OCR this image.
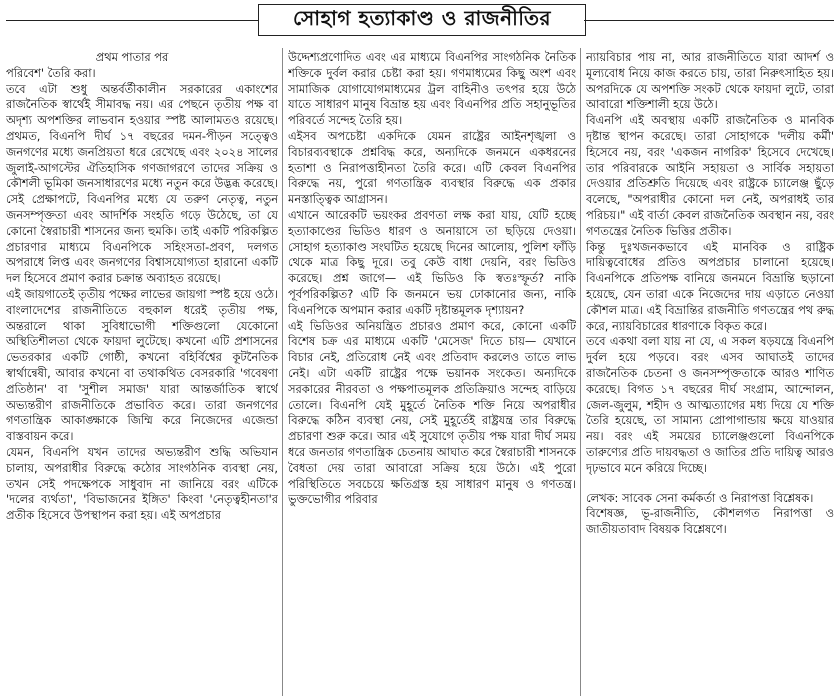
সোহাগ হত্যাকাণ্ড ও রাজনীতির

প্রথম পাতার পর

পরিবেশ' তৈরি করা।

তবে এটা শুধু অন্তর্বর্তীকালীন সরকারের একাংশের রাজনৈতিক স্বার্থেই সীমাবদ্ধ নয়। এর পেছনে তৃতীয় পক্ষ বা অদৃশ্য অপশক্তির লাভবান হওয়ার স্পষ্ট আলামতও রয়েছে। প্রথমত, বিএনপি দীর্ঘ ১৭ বছরের দমন-পীড়ন সত্ত্বেও জনগণের মধ্যে জনপ্রিয়তা ধরে রেখেছে এবং ২০২৪ সালের জুলাই-আগস্টের ঐতিহাসিক গণজাগরণে তাদের সক্রিয় ও কৌশলী ভূমিকা জনসাধারণের মধ্যে নতুন করে উদ্ভব্ধ করেছে। সেই প্রেক্ষাপটে, বিএনপির মধ্যে যে তরুণ নেতৃত্ব, নতুন জনসম্পৃক্ততা এবং আদর্শিক সংহতি গড়ে উঠেছে, তা যে কোনো স্বৈরাচারী শাসনের জন্য হুমকি। তাই একটি পরিকল্পিত প্রচারণার মাধ্যমে বিএনপিকে সহিংসতা-প্রবণ, দলগত অপরাধে লিপ্ত এবং জনগণের বিশ্বাসযোগ্যতা হারানো একটি দল হিসেবে প্রমাণ করার চক্রান্ত অব্যাহত রয়েছে।

এই জায়গাতেই তৃতীয় পক্ষের লাভের জায়গা স্পষ্ট হয়ে ওঠে। বাংলাদেশের রাজনীতিতে বহুকাল ধরেই তৃতীয় পক্ষ, অন্তরালে থাকা সুবিধাভোগী শক্তিগুলো যেকোনো অস্থিতিশীলতা থেকে ফায়দা লুটেছে। কখনো এটি প্রশাসনের ভেতরকার একটি গোষ্ঠী, কখনো বহির্বিশ্বের কূটনৈতিক স্বার্থান্বেষী, আবার কখনো বা তথাকথিত বেসরকারি 'গবেষণা প্রতিষ্ঠান' বা 'সুশীল সমাজ' যারা আন্তর্জাতিক স্বার্থে অভ্যন্তরীণ রাজনীতিকে প্রভাবিত করে। তারা জনগণের গণতান্ত্রিক আকাঙ্ক্ষাকে জিম্মি করে নিজেদের এজেন্ডা বাস্তবায়ন করে।

যেমন, বিএনপি যখন তাদের অভ্যন্তরীণ শুদ্ধি অভিযান চালায়, অপরাধীর বিরুদ্ধে কঠোর সাংগঠনিক ব্যবস্থা নেয়, তখন সেই পদক্ষেপকে সাধুবাদ না জানিয়ে বরং এটিকে 'দলের ব্যর্থতা', 'বিভাজনের ইঙ্গিত' কিংবা 'নেতৃত্বহীনতা'র প্রতীক হিসেবে উপস্থাপন করা হয়। এই অপপ্রচার

উদ্দেশ্যপ্রণোদিত এবং এর মাধ্যমে বিএনপির সাংগঠনিক নৈতিক শক্তিকে দুর্বল করার চেষ্টা করা হয়। গণমাধ্যমের কিছু অংশ এবং সামাজিক যোগাযোগমাধ্যমের ট্রল বাহিনীও তৎপর হয়ে উঠে যাতে সাধারণ মানুষ বিভ্রান্ত হয় এবং বিএনপির প্রতি সহানুভূতির পরিবর্তে সন্দেহ তৈরি হয়।

এইসব অপচেষ্টা একদিকে যেমন রাষ্ট্রের আইনশৃঙ্খলা ও বিচারব্যবস্থাকে প্রশ্নবিদ্ধ করে, অন্যদিকে জনমনে একধরনের হতাশা ও নিরাপত্তাহীনতা তৈরি করে। এটি কেবল বিএনপির বিরুদ্ধে নয়, পুরো গণতান্ত্রিক ব্যবস্থার বিরুদ্ধে এক প্রকার মনস্তাত্ত্বিক আগ্রাসন।

এখানে আরেকটি ভয়ংকর প্রবণতা লক্ষ করা যায়, যেটি হচ্ছে হত্যাকাণ্ডের ভিডিও ধারণ ও অনায়াসে তা ছড়িয়ে দেওয়া। সোহাগ হত্যাকাণ্ড সংঘটিত হয়েছে দিনের আলোয়, পুলিশ ফাঁড়ি থেকে মাত্র কিছু দূরে। তবু কেউ বাধা দেয়নি, বরং ভিডিও করেছে। প্রশ্ন জাগে— এই ভিডিও কি স্বতঃস্ফূর্ত? নাকি পূর্বপরিকল্পিত? এটি কি জনমনে ভয় ঢোকানোর জন্য, নাকি বিএনপিকে অপমান করার একটি দৃষ্টান্তমূলক দৃশ্যায়ন?

এই ভিডিওর অনিয়ন্ত্রিত প্রচারও প্রমাণ করে, কোনো একটি বিশেষ চক্র এর মাধ্যমে একটি 'মেসেজ' দিতে চায়— যেখানে বিচার নেই, প্রতিরোধ নেই এবং প্রতিবাদ করলেও তাতে লাভ নেই। এটা একটি রাষ্ট্রের পক্ষে ভয়ানক সংকেত। অন্যদিকে সরকারের নীরবতা ও পক্ষপাতমূলক প্রতিক্রিয়াও সন্দেহ বাড়িয়ে তোলে। বিএনপি যেই মুহূর্তে নৈতিক শক্তি নিয়ে অপরাধীর বিরুদ্ধে কঠিন ব্যবস্থা নেয়, সেই মুহূর্তেই রাষ্ট্রযন্ত্র তার বিরুদ্ধে প্রচারণা শুরু করে। আর এই সুযোগে তৃতীয় পক্ষ যারা দীর্ঘ সময় ধরে জনতার গণতান্ত্রিক চেতনায় আঘাত করে স্বৈরাচারী শাসনকে বৈধতা দেয় তারা আবারো সক্রিয় হয়ে উঠে। এই পুরো পরিস্থিতিতে সবচেয়ে ক্ষতিগ্রস্ত হয় সাধারণ মানুষ ও গণতন্ত্র। ভুক্তভোগীর পরিবার

ন্যায়বিচার পায় না, আর রাজনীতিতে যারা আদর্শ ও মূল্যবোধ নিয়ে কাজ করতে চায়, তারা নিরুৎসাহিত হয়। অপরদিকে যে অপশক্তি সংকট থেকে ফায়দা লুটে, তারা আবারো শক্তিশালী হয়ে উঠে।

বিএনপি এই অবস্থায় একটি রাজনৈতিক ও মানবিক দৃষ্টান্ত স্থাপন করেছে। তারা সোহাগকে 'দলীয় কর্মী' হিসেবে নয়, বরং 'একজন নাগরিক' হিসেবে দেখেছে। তার পরিবারকে আইনি সহায়তা ও সার্বিক সহায়তা দেওয়ার প্রতিশ্রুতি দিয়েছে এবং রাষ্ট্রকে চ্যালেঞ্জ ছুঁড়ে বলেছে, "অপরাধীর কোনো দল নেই, অপরাধই তার পরিচয়।" এই বার্তা কেবল রাজনৈতিক অবস্থান নয়, বরং গণতন্ত্রের নৈতিক ভিত্তির প্রতীক।

কিন্তু দুঃখজনকভাবে এই মানবিক ও রাষ্ট্রিক দায়িত্ববোধের প্রতিও অপপ্রচার চালানো হয়েছে। বিএনপিকে প্রতিপক্ষ বানিয়ে জনমনে বিভ্রান্তি ছড়ানো হয়েছে, যেন তারা একে নিজেদের দায় এড়াতে নেওয়া কৌশল মাত্র। এই বিভ্রান্তির রাজনীতি গণতন্ত্রের পথ রুদ্ধ করে, ন্যায়বিচারের ধারণাকে বিকৃত করে।

তবে একথা বলা যায় না যে, এ সকল ষড়যন্ত্রে বিএনপি দুর্বল হয়ে পড়বে। বরং এসব আঘাতই তাদের রাজনৈতিক চেতনা ও জনসম্পৃক্ততাকে আরও শাণিত করেছে। বিগত ১৭ বছরের দীর্ঘ সংগ্রাম, আন্দোলন, জেল-জুলুম, শহীদ ও আত্মত্যাগের মধ্য দিয়ে যে শক্তি তৈরি হয়েছে, তা সামান্য প্রোপাগান্ডায় ক্ষয়ে যাওয়ার নয়। বরং এই সময়ের চ্যালেঞ্জগুলো বিএনপিকে তারুণ্যের প্রতি দায়বদ্ধতা ও জাতির প্রতি দায়িত্ব আরও দৃঢ়ভাবে মনে করিয়ে দিচ্ছে।

লেখক: সাবেক সেনা কর্মকর্তা ও নিরাপত্তা বিশ্লেষক।

বিশেষজ্ঞ, ভূ-রাজনীতি, কৌশলগত নিরাপত্তা ও জাতীয়তাবাদ বিষয়ক বিশ্লেষণে।
